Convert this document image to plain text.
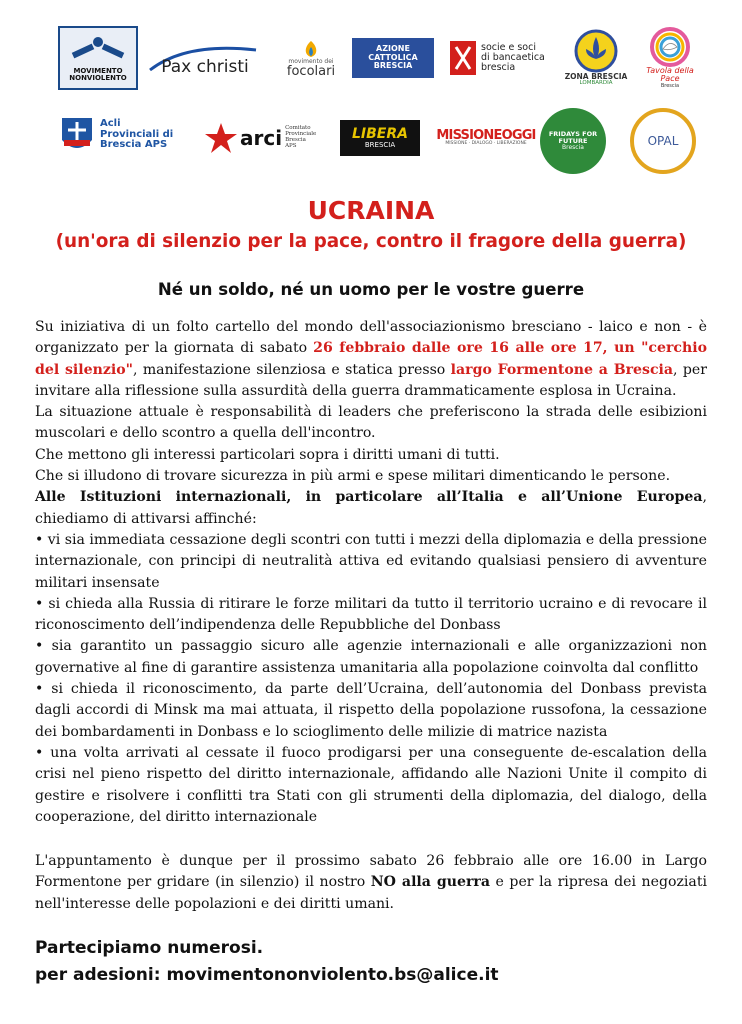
MOVIMENTO NONVIOLENTO
Pax christi	movimento dei
focolari
AZIONE CATTOLICA BRESCIA
socie e soci di bancaetica brescia
ZONA BRESCIA
LOMBARDIA
Tavola della Pace
Brescia
Acli Provinciali di Brescia APS	arci Comitato Provinciale Brescia APS
LIBERA
BRESCIA
MISSIONEOGGI
MISSIONE · DIALOGO · LIBERAZIONE
FRIDAYS FOR FUTURE
Brescia	OPAL
UCRAINA
(un'ora di silenzio per la pace, contro il fragore della guerra)
Né un soldo, né un uomo per le vostre guerre

Su iniziativa di un folto cartello del mondo dell'associazionismo bresciano - laico e non - è organizzato per la giornata di sabato 26 febbraio dalle ore 16 alle ore 17, un "cerchio del silenzio", manifestazione silenziosa e statica presso largo Formentone a Brescia, per invitare alla riflessione sulla assurdità della guerra drammaticamente esplosa in Ucraina.

La situazione attuale è responsabilità di leaders che preferiscono la strada delle esibizioni muscolari e dello scontro a quella dell'incontro.

Che mettono gli interessi particolari sopra i diritti umani di tutti.

Che si illudono di trovare sicurezza in più armi e spese militari dimenticando le persone.

Alle Istituzioni internazionali, in particolare all’Italia e all’Unione Europea, chiediamo di attivarsi affinché:

• vi sia immediata cessazione degli scontri con tutti i mezzi della diplomazia e della pressione internazionale, con principi di neutralità attiva ed evitando qualsiasi pensiero di avventure militari insensate

• si chieda alla Russia di ritirare le forze militari da tutto il territorio ucraino e di revocare il riconoscimento dell’indipendenza delle Repubbliche del Donbass

• sia garantito un passaggio sicuro alle agenzie internazionali e alle organizzazioni non governative al fine di garantire assistenza umanitaria alla popolazione coinvolta dal conflitto

• si chieda il riconoscimento, da parte dell’Ucraina, dell’autonomia del Donbass prevista dagli accordi di Minsk ma mai attuata, il rispetto della popolazione russofona, la cessazione dei bombardamenti in Donbass e lo scioglimento delle milizie di matrice nazista

• una volta arrivati al cessate il fuoco prodigarsi per una conseguente de-escalation della crisi nel pieno rispetto del diritto internazionale, affidando alle Nazioni Unite il compito di gestire e risolvere i conflitti tra Stati con gli strumenti della diplomazia, del dialogo, della cooperazione, del diritto internazionale

L'appuntamento è dunque per il prossimo sabato 26 febbraio alle ore 16.00 in Largo Formentone per gridare (in silenzio) il nostro NO alla guerra e per la ripresa dei negoziati nell'interesse delle popolazioni e dei diritti umani.
Partecipiamo numerosi.
per adesioni: movimentononviolento.bs@alice.it
